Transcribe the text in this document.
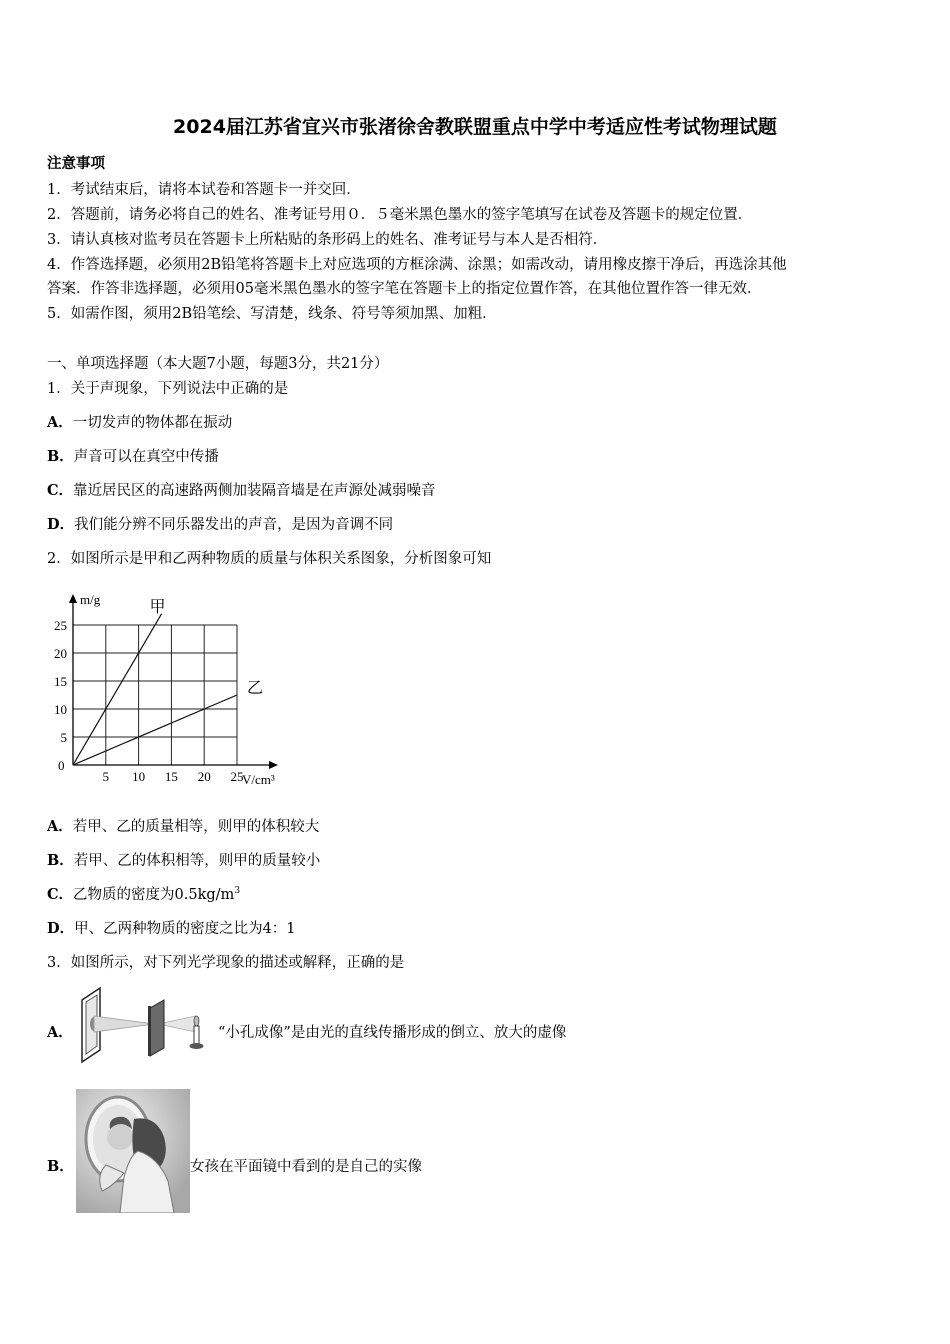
2024届江苏省宜兴市张渚徐舍教联盟重点中学中考适应性考试物理试题
注意事项
1．考试结束后，请将本试卷和答题卡一并交回．
2．答题前，请务必将自己的姓名、准考证号用０．５毫米黑色墨水的签字笔填写在试卷及答题卡的规定位置．
3．请认真核对监考员在答题卡上所粘贴的条形码上的姓名、准考证号与本人是否相符．
4．作答选择题，必须用2B铅笔将答题卡上对应选项的方框涂满、涂黑；如需改动，请用橡皮擦干净后，再选涂其他
答案．作答非选择题，必须用05毫米黑色墨水的签字笔在答题卡上的指定位置作答，在其他位置作答一律无效．
5．如需作图，须用2B铅笔绘、写清楚，线条、符号等须加黑、加粗．
一、单项选择题（本大题7小题，每题3分，共21分）
1．关于声现象，下列说法中正确的是
A．一切发声的物体都在振动
B．声音可以在真空中传播
C．靠近居民区的高速路两侧加装隔音墙是在声源处减弱噪音
D．我们能分辨不同乐器发出的声音，是因为音调不同
2．如图所示是甲和乙两种物质的质量与体积关系图象，分析图象可知
5 10 15 20 25
5
10
15
20
25
甲
乙
m/g
V/cm³
0
A．若甲、乙的质量相等，则甲的体积较大
B．若甲、乙的体积相等，则甲的质量较小
C．乙物质的密度为$0.5kg/m^3$
D．甲、乙两种物质的密度之比为4：1
3．如图所示，对下列光学现象的描述或解释，正确的是
A．	“小孔成像”是由光的直线传播形成的倒立、放大的虚像
B．	女孩在平面镜中看到的是自己的实像
